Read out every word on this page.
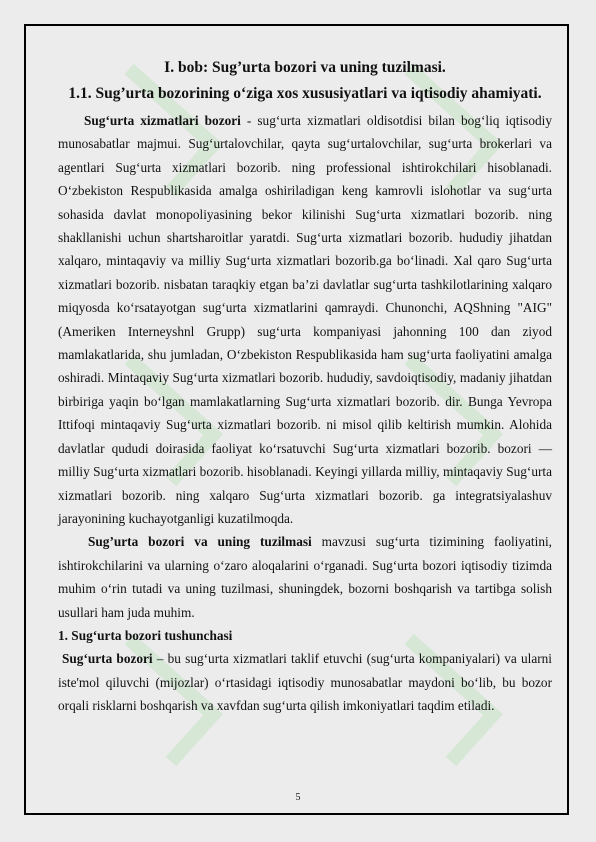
I. bob: Sug’urta bozori va uning tuzilmasi.

1.1. Sug’urta bozorining o‘ziga xos xususiyatlari va iqtisodiy ahamiyati.

Sug‘urta xizmatlari bozori - sug‘urta xizmatlari oldisotdisi bilan bog‘liq iqtisodiy munosabatlar majmui. Sug‘urtalovchilar, qayta sug‘urtalovchilar, sug‘urta brokerlari va agentlari Sug‘urta xizmatlari bozorib. ning professional ishtirokchilari hisoblanadi. O‘zbekiston Respublikasida amalga oshiriladigan keng kamrovli islohotlar va sug‘urta sohasida davlat monopoliyasining bekor kilinishi Sug‘urta xizmatlari bozorib. ning shakllanishi uchun shartsharoitlar yaratdi. Sug‘urta xizmatlari bozorib. hududiy jihatdan xalqaro, mintaqaviy va milliy Sug‘urta xizmatlari bozorib.ga bo‘linadi. Xal qaro Sug‘urta xizmatlari bozorib. nisbatan taraqkiy etgan ba’zi davlatlar sug‘urta tashkilotlarining xalqaro miqyosda ko‘rsatayotgan sug‘urta xizmatlarini qamraydi. Chunonchi, AQShning "AIG" (Ameriken Interneyshnl Grupp) sug‘urta kompaniyasi jahonning 100 dan ziyod mamlakatlarida, shu jumladan, O‘zbekiston Respublikasida ham sug‘urta faoliyatini amalga oshiradi. Mintaqaviy Sug‘urta xizmatlari bozorib. hududiy, savdoiqtisodiy, madaniy jihatdan birbiriga yaqin bo‘lgan mamlakatlarning Sug‘urta xizmatlari bozorib. dir. Bunga Yevropa Ittifoqi mintaqaviy Sug‘urta xizmatlari bozorib. ni misol qilib keltirish mumkin. Alohida davlatlar qududi doirasida faoliyat ko‘rsatuvchi Sug‘urta xizmatlari bozorib. bozori — milliy Sug‘urta xizmatlari bozorib. hisoblanadi. Keyingi yillarda milliy, mintaqaviy Sug‘urta xizmatlari bozorib. ning xalqaro Sug‘urta xizmatlari bozorib. ga integratsiyalashuv jarayonining kuchayotganligi kuzatilmoqda.

Sug’urta bozori va uning tuzilmasi mavzusi sug‘urta tizimining faoliyatini, ishtirokchilarini va ularning o‘zaro aloqalarini o‘rganadi. Sug‘urta bozori iqtisodiy tizimda muhim o‘rin tutadi va uning tuzilmasi, shuningdek, bozorni boshqarish va tartibga solish usullari ham juda muhim.

1. Sug‘urta bozori tushunchasi

Sug‘urta bozori – bu sug‘urta xizmatlari taklif etuvchi (sug‘urta kompaniyalari) va ularni iste'mol qiluvchi (mijozlar) o‘rtasidagi iqtisodiy munosabatlar maydoni bo‘lib, bu bozor orqali risklarni boshqarish va xavfdan sug‘urta qilish imkoniyatlari taqdim etiladi.

5
